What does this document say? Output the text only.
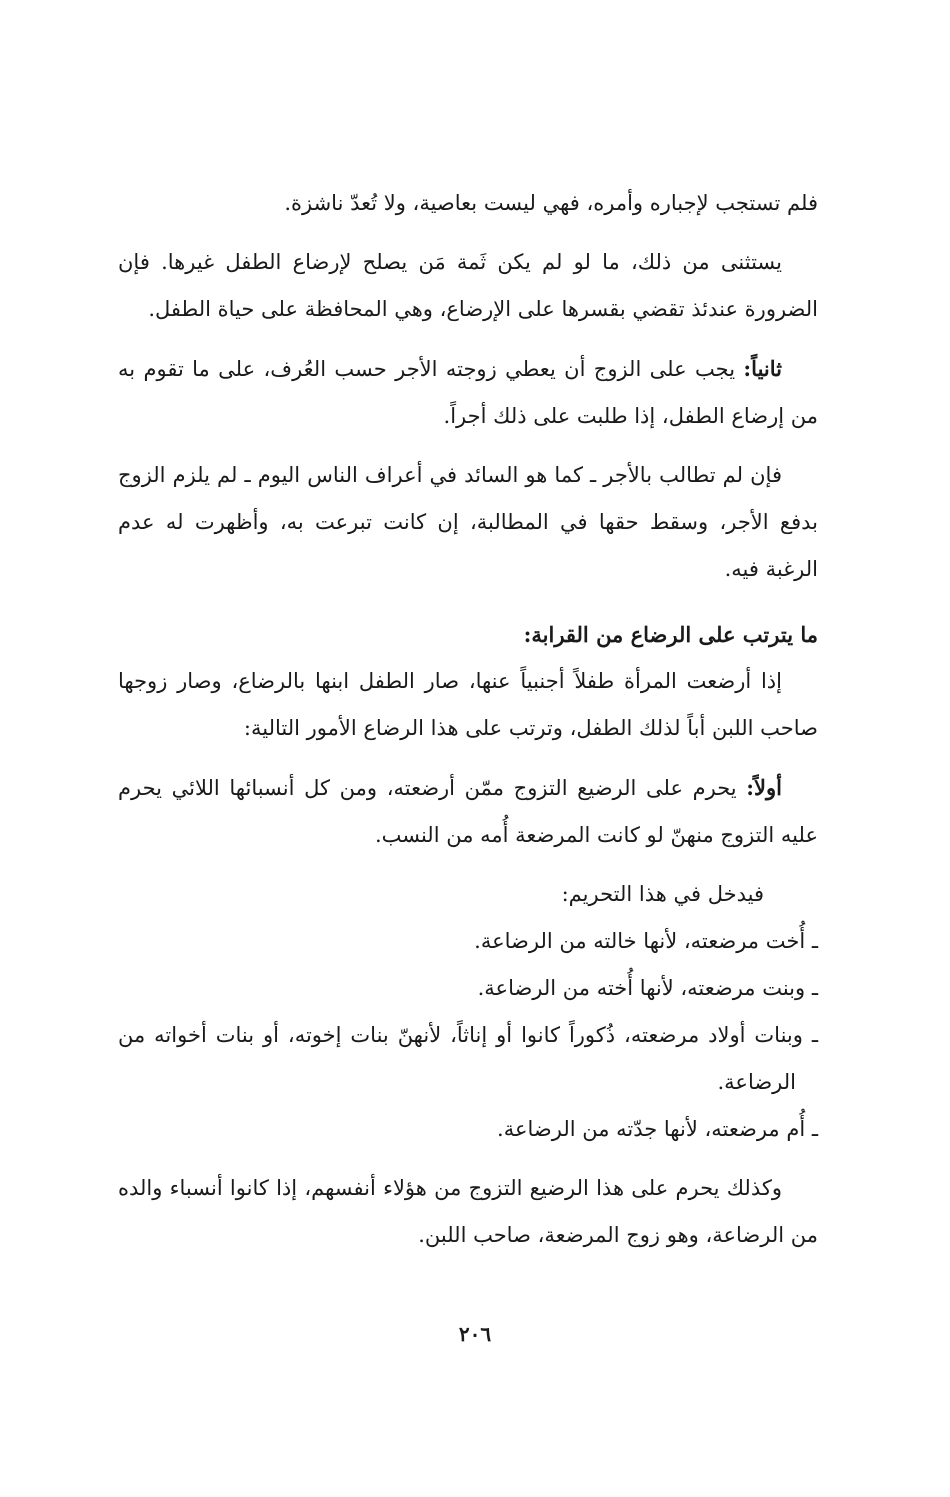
فلم تستجب لإجباره وأمره، فهي ليست بعاصية، ولا تُعدّ ناشزة.

يستثنى من ذلك، ما لو لم يكن ثَمة مَن يصلح لإرضاع الطفل غيرها. فإن الضرورة عندئذ تقضي بقسرها على الإرضاع، وهي المحافظة على حياة الطفل.

ثانياً: يجب على الزوج أن يعطي زوجته الأجر حسب العُرف، على ما تقوم به من إرضاع الطفل، إذا طلبت على ذلك أجراً.

فإن لم تطالب بالأجر ـ كما هو السائد في أعراف الناس اليوم ـ لم يلزم الزوج بدفع الأجر، وسقط حقها في المطالبة، إن كانت تبرعت به، وأظهرت له عدم الرغبة فيه.

ما يترتب على الرضاع من القرابة:

إذا أرضعت المرأة طفلاً أجنبياً عنها، صار الطفل ابنها بالرضاع، وصار زوجها صاحب اللبن أباً لذلك الطفل، وترتب على هذا الرضاع الأمور التالية:

أولاً: يحرم على الرضيع التزوج ممّن أرضعته، ومن كل أنسبائها اللائي يحرم عليه التزوج منهنّ لو كانت المرضعة أُمه من النسب.

فيدخل في هذا التحريم:

ـ أُخت مرضعته، لأنها خالته من الرضاعة.

ـ وبنت مرضعته، لأنها أُخته من الرضاعة.

ـ وبنات أولاد مرضعته، ذُكوراً كانوا أو إناثاً، لأنهنّ بنات إخوته، أو بنات أخواته من الرضاعة.

ـ أُم مرضعته، لأنها جدّته من الرضاعة.

وكذلك يحرم على هذا الرضيع التزوج من هؤلاء أنفسهم، إذا كانوا أنسباء والده من الرضاعة، وهو زوج المرضعة، صاحب اللبن.

٢٠٦
